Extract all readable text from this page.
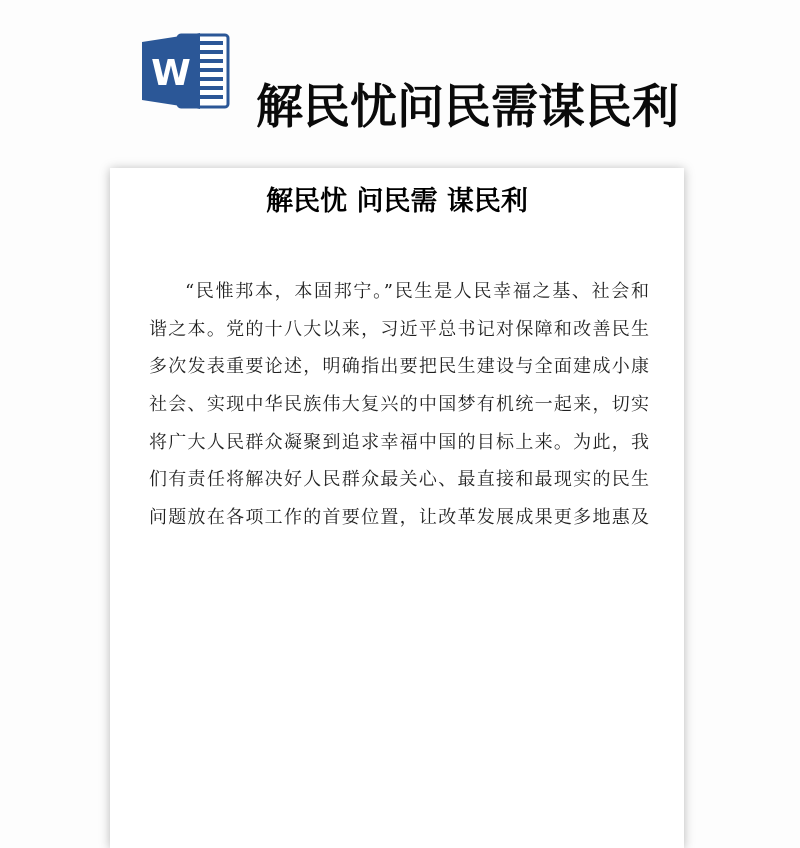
W
解民忧问民需谋民利
解民忧 问民需 谋民利
“民惟邦本，本固邦宁。”民生是人民幸福之基、社会和
谐之本。党的十八大以来，习近平总书记对保障和改善民生
多次发表重要论述，明确指出要把民生建设与全面建成小康
社会、实现中华民族伟大复兴的中国梦有机统一起来，切实
将广大人民群众凝聚到追求幸福中国的目标上来。为此，我
们有责任将解决好人民群众最关心、最直接和最现实的民生
问题放在各项工作的首要位置，让改革发展成果更多地惠及
